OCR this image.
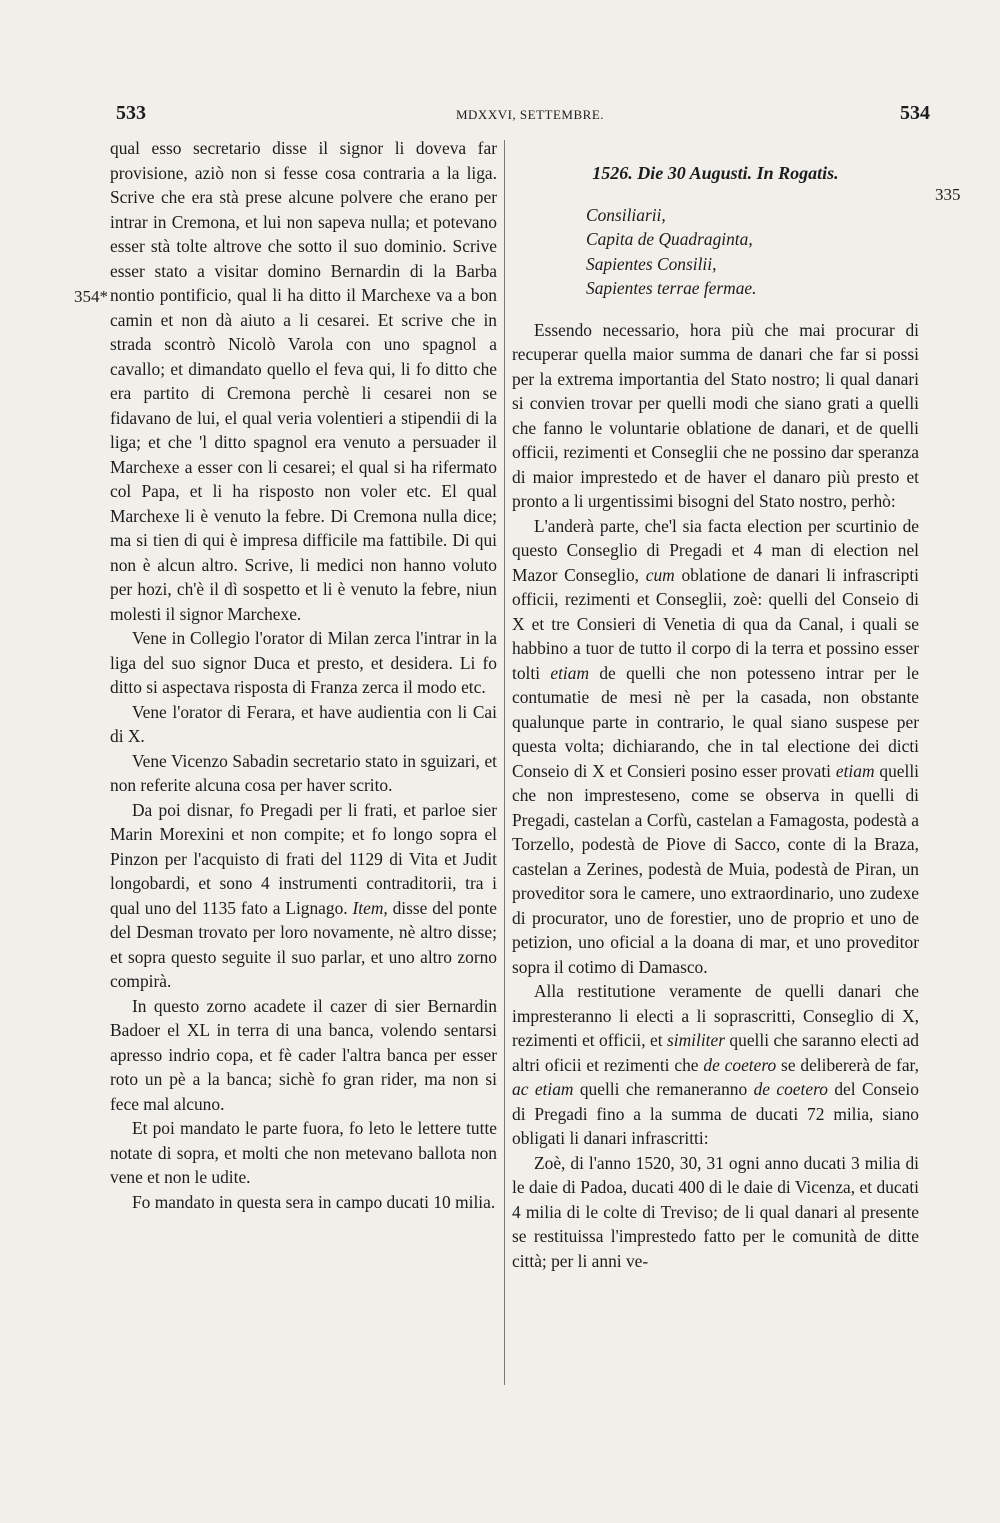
533	MDXXVI, SETTEMBRE.	534
354*
335

qual esso secretario disse il signor li doveva far provisione, aziò non si fesse cosa contraria a la liga. Scrive che era stà prese alcune polvere che erano per intrar in Cremona, et lui non sapeva nulla; et potevano esser stà tolte altrove che sotto il suo dominio. Scrive esser stato a visitar domino Bernardin di la Barba nontio pontificio, qual li ha ditto il Marchexe va a bon camin et non dà aiuto a li cesarei. Et scrive che in strada scontrò Nicolò Varola con uno spagnol a cavallo; et dimandato quello el feva qui, li fo ditto che era partito di Cremona perchè li cesarei non se fidavano de lui, el qual veria volentieri a stipendii di la liga; et che 'l ditto spagnol era venuto a persuader il Marchexe a esser con li cesarei; el qual si ha rifermato col Papa, et li ha risposto non voler etc. El qual Marchexe li è venuto la febre. Di Cremona nulla dice; ma si tien di qui è impresa difficile ma fattibile. Di qui non è alcun altro. Scrive, li medici non hanno voluto per hozi, ch'è il dì sospetto et li è venuto la febre, niun molesti il signor Marchexe.

Vene in Collegio l'orator di Milan zerca l'intrar in la liga del suo signor Duca et presto, et desidera. Li fo ditto si aspectava risposta di Franza zerca il modo etc.

Vene l'orator di Ferara, et have audientia con li Cai di X.

Vene Vicenzo Sabadin secretario stato in sguizari, et non referite alcuna cosa per haver scrito.

Da poi disnar, fo Pregadi per li frati, et parloe sier Marin Morexini et non compite; et fo longo sopra el Pinzon per l'acquisto di frati del 1129 di Vita et Judit longobardi, et sono 4 instrumenti contraditorii, tra i qual uno del 1135 fato a Lignago. Item, disse del ponte del Desman trovato per loro novamente, nè altro disse; et sopra questo seguite il suo parlar, et uno altro zorno compirà.

In questo zorno acadete il cazer di sier Bernardin Badoer el XL in terra di una banca, volendo sentarsi apresso indrio copa, et fè cader l'altra banca per esser roto un pè a la banca; sichè fo gran rider, ma non si fece mal alcuno.

Et poi mandato le parte fuora, fo leto le lettere tutte notate di sopra, et molti che non metevano ballota non vene et non le udite.

Fo mandato in questa sera in campo ducati 10 milia.

1526. Die 30 Augusti. In Rogatis.

Consiliarii,
Capita de Quadraginta,
Sapientes Consilii,
Sapientes terrae fermae.

Essendo necessario, hora più che mai procurar di recuperar quella maior summa de danari che far si possi per la extrema importantia del Stato nostro; li qual danari si convien trovar per quelli modi che siano grati a quelli che fanno le voluntarie oblatione de danari, et de quelli officii, rezimenti et Conseglii che ne possino dar speranza di maior imprestedo et de haver el danaro più presto et pronto a li urgentissimi bisogni del Stato nostro, perhò:

L'anderà parte, che'l sia facta election per scurtinio de questo Conseglio di Pregadi et 4 man di election nel Mazor Conseglio, cum oblatione de danari li infrascripti officii, rezimenti et Conseglii, zoè: quelli del Conseio di X et tre Consieri di Venetia di qua da Canal, i quali se habbino a tuor de tutto il corpo di la terra et possino esser tolti etiam de quelli che non potesseno intrar per le contumatie de mesi nè per la casada, non obstante qualunque parte in contrario, le qual siano suspese per questa volta; dichiarando, che in tal electione dei dicti Conseio di X et Consieri posino esser provati etiam quelli che non impresteseno, come se observa in quelli di Pregadi, castelan a Corfù, castelan a Famagosta, podestà a Torzello, podestà de Piove di Sacco, conte di la Braza, castelan a Zerines, podestà de Muia, podestà de Piran, un proveditor sora le camere, uno extraordinario, uno zudexe di procurator, uno de forestier, uno de proprio et uno de petizion, uno oficial a la doana di mar, et uno proveditor sopra il cotimo di Damasco.

Alla restitutione veramente de quelli danari che impresteranno li electi a li soprascritti, Conseglio di X, rezimenti et officii, et similiter quelli che saranno electi ad altri oficii et rezimenti che de coetero se delibererà de far, ac etiam quelli che remaneranno de coetero del Conseio di Pregadi fino a la summa de ducati 72 milia, siano obligati li danari infrascritti:

Zoè, di l'anno 1520, 30, 31 ogni anno ducati 3 milia di le daie di Padoa, ducati 400 di le daie di Vicenza, et ducati 4 milia di le colte di Treviso; de li qual danari al presente se restituissa l'imprestedo fatto per le comunità de ditte città; per li anni ve-
